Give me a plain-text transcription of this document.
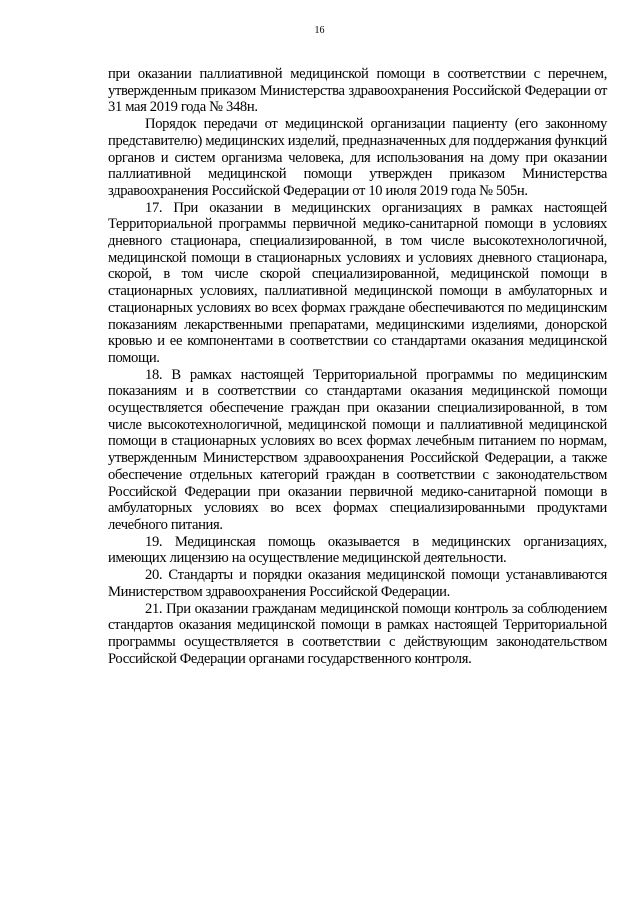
16

при оказании паллиативной медицинской помощи в соответствии с перечнем, утвержденным приказом Министерства здравоохранения Российской Федерации от 31 мая 2019 года № 348н.

Порядок передачи от медицинской организации пациенту (его законному представителю) медицинских изделий, предназначенных для поддержания функций органов и систем организма человека, для использования на дому при оказании паллиативной медицинской помощи утвержден приказом Министерства здравоохранения Российской Федерации от 10 июля 2019 года № 505н.

17. При оказании в медицинских организациях в рамках настоящей Территориальной программы первичной медико-санитарной помощи в условиях дневного стационара, специализированной, в том числе высокотехнологичной, медицинской помощи в стационарных условиях и условиях дневного стационара, скорой, в том числе скорой специализированной, медицинской помощи в стационарных условиях, паллиативной медицинской помощи в амбулаторных и стационарных условиях во всех формах граждане обеспечиваются по медицинским показаниям лекарственными препаратами, медицинскими изделиями, донорской кровью и ее компонентами в соответствии со стандартами оказания медицинской помощи.

18. В рамках настоящей Территориальной программы по медицинским показаниям и в соответствии со стандартами оказания медицинской помощи осуществляется обеспечение граждан при оказании специализированной, в том числе высокотехнологичной, медицинской помощи и паллиативной медицинской помощи в стационарных условиях во всех формах лечебным питанием по нормам, утвержденным Министерством здравоохранения Российской Федерации, а также обеспечение отдельных категорий граждан в соответствии с законодательством Российской Федерации при оказании первичной медико-санитарной помощи в амбулаторных условиях во всех формах специализированными продуктами лечебного питания.

19. Медицинская помощь оказывается в медицинских организациях, имеющих лицензию на осуществление медицинской деятельности.

20. Стандарты и порядки оказания медицинской помощи устанавливаются Министерством здравоохранения Российской Федерации.

21. При оказании гражданам медицинской помощи контроль за соблюдением стандартов оказания медицинской помощи в рамках настоящей Территориальной программы осуществляется в соответствии с действующим законодательством Российской Федерации органами государственного контроля.
